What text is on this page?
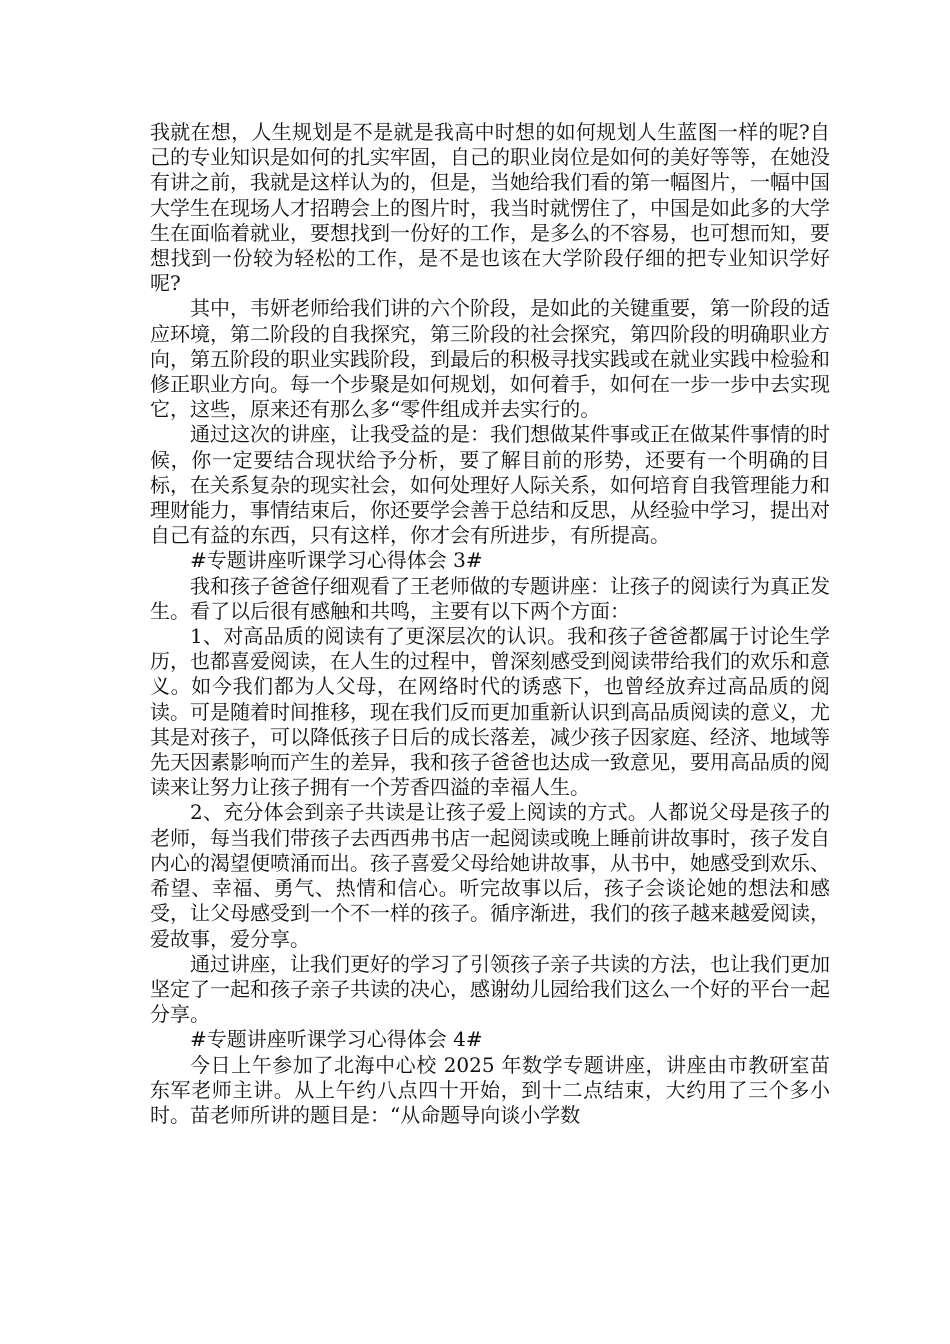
我就在想，人生规划是不是就是我高中时想的如何规划人生蓝图一样的呢?自己的专业知识是如何的扎实牢固，自己的职业岗位是如何的美好等等，在她没有讲之前，我就是这样认为的，但是，当她给我们看的第一幅图片，一幅中国大学生在现场人才招聘会上的图片时，我当时就愣住了，中国是如此多的大学生在面临着就业，要想找到一份好的工作，是多么的不容易，也可想而知，要想找到一份较为轻松的工作，是不是也该在大学阶段仔细的把专业知识学好呢?

其中，韦妍老师给我们讲的六个阶段，是如此的关键重要，第一阶段的适应环境，第二阶段的自我探究，第三阶段的社会探究，第四阶段的明确职业方向，第五阶段的职业实践阶段，到最后的积极寻找实践或在就业实践中检验和修正职业方向。每一个步聚是如何规划，如何着手，如何在一步一步中去实现它，这些，原来还有那么多“零件组成并去实行的。

通过这次的讲座，让我受益的是：我们想做某件事或正在做某件事情的时候，你一定要结合现状给予分析，要了解目前的形势，还要有一个明确的目标，在关系复杂的现实社会，如何处理好人际关系，如何培育自我管理能力和理财能力，事情结束后，你还要学会善于总结和反思，从经验中学习，提出对自己有益的东西，只有这样，你才会有所进步，有所提高。

#专题讲座听课学习心得体会 3#

我和孩子爸爸仔细观看了王老师做的专题讲座：让孩子的阅读行为真正发生。看了以后很有感触和共鸣，主要有以下两个方面：

1、对高品质的阅读有了更深层次的认识。我和孩子爸爸都属于讨论生学历，也都喜爱阅读，在人生的过程中，曾深刻感受到阅读带给我们的欢乐和意义。如今我们都为人父母，在网络时代的诱惑下，也曾经放弃过高品质的阅读。可是随着时间推移，现在我们反而更加重新认识到高品质阅读的意义，尤其是对孩子，可以降低孩子日后的成长落差，减少孩子因家庭、经济、地域等先天因素影响而产生的差异，我和孩子爸爸也达成一致意见，要用高品质的阅读来让努力让孩子拥有一个芳香四溢的幸福人生。

2、充分体会到亲子共读是让孩子爱上阅读的方式。人都说父母是孩子的老师，每当我们带孩子去西西弗书店一起阅读或晚上睡前讲故事时，孩子发自内心的渴望便喷涌而出。孩子喜爱父母给她讲故事，从书中，她感受到欢乐、希望、幸福、勇气、热情和信心。听完故事以后，孩子会谈论她的想法和感受，让父母感受到一个不一样的孩子。循序渐进，我们的孩子越来越爱阅读，爱故事，爱分享。

通过讲座，让我们更好的学习了引领孩子亲子共读的方法，也让我们更加坚定了一起和孩子亲子共读的决心，感谢幼儿园给我们这么一个好的平台一起分享。

#专题讲座听课学习心得体会 4#

今日上午参加了北海中心校 2025 年数学专题讲座，讲座由市教研室苗东军老师主讲。从上午约八点四十开始，到十二点结束，大约用了三个多小时。苗老师所讲的题目是：“从命题导向谈小学数
